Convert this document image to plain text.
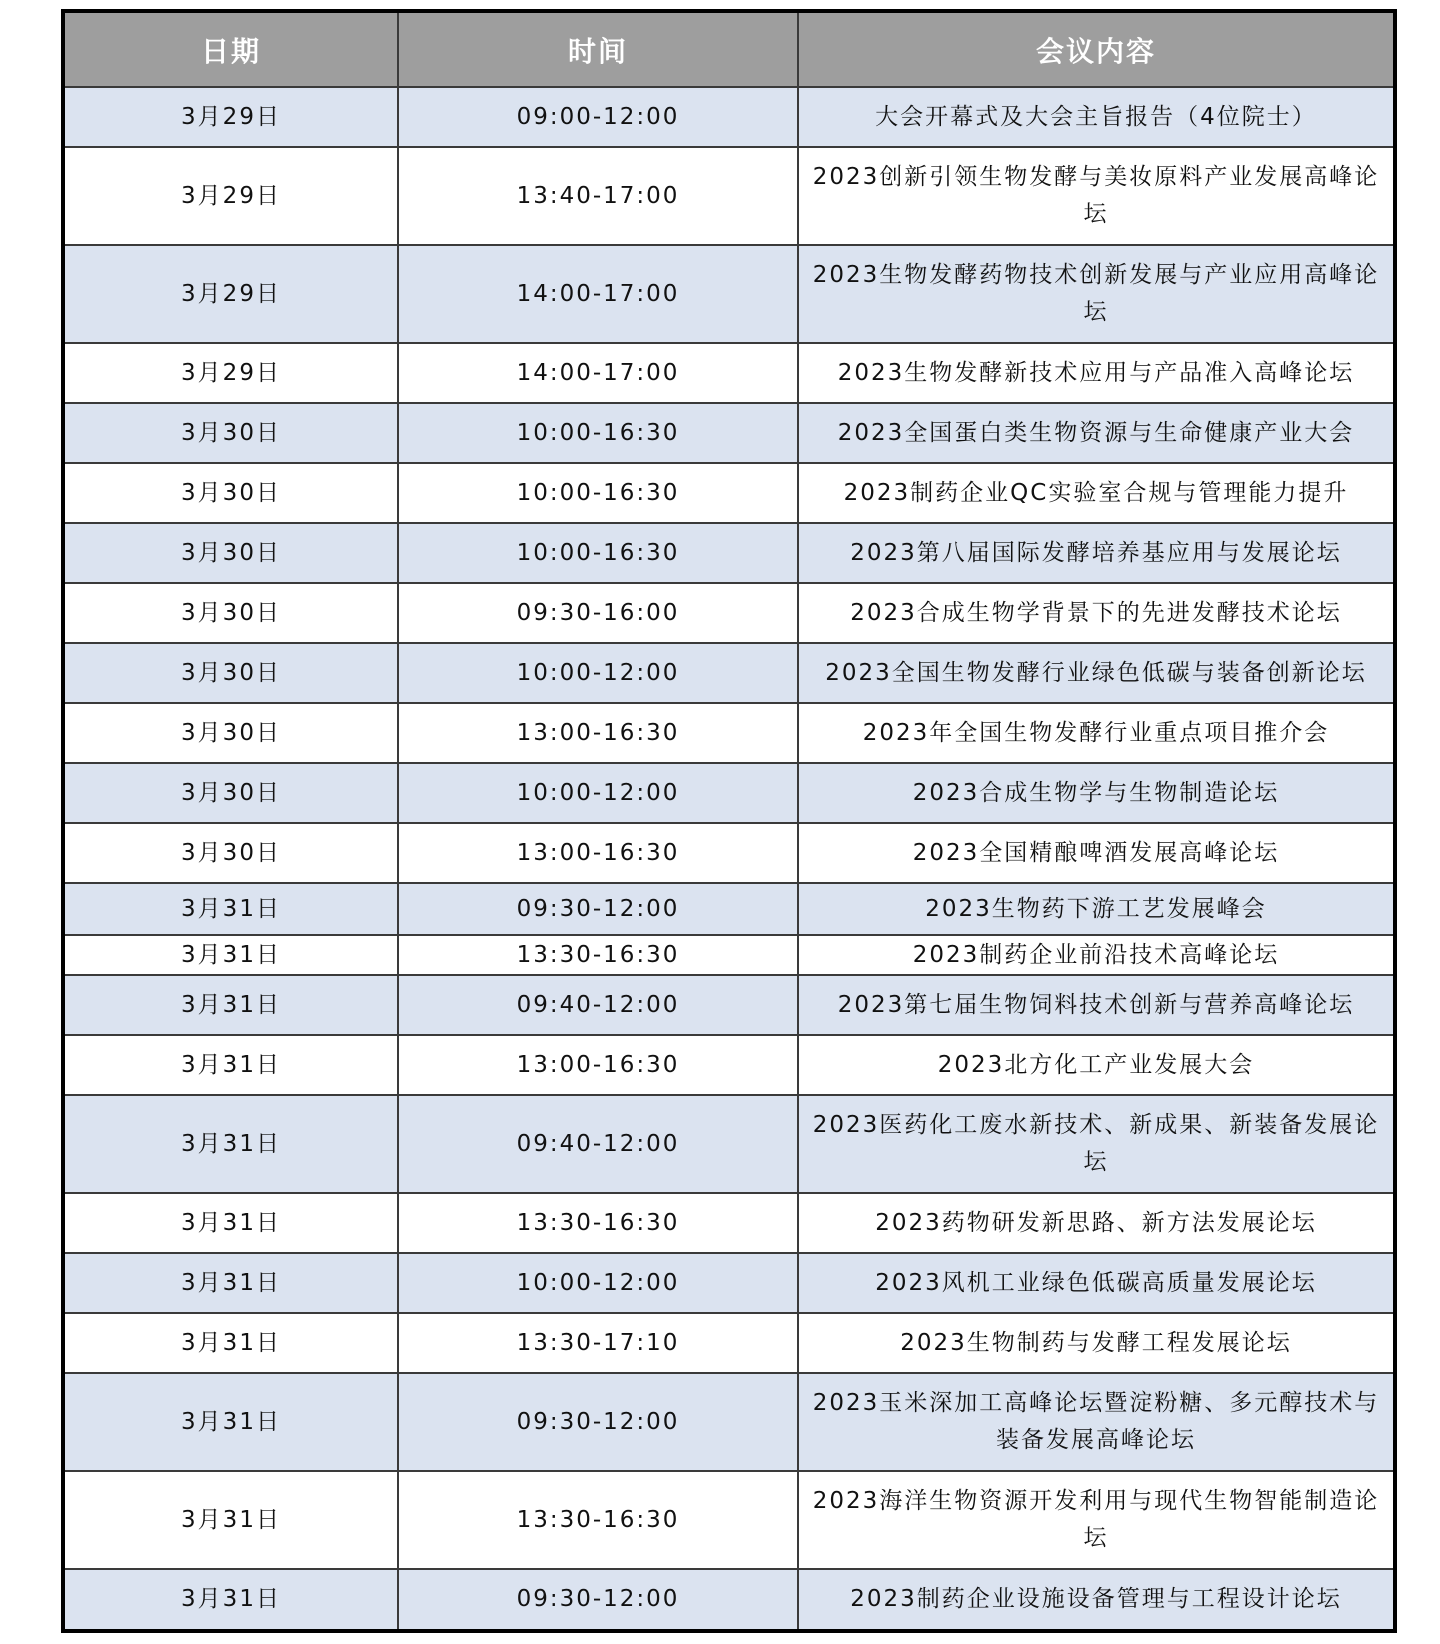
日期	时间	会议内容
3月29日	09:00-12:00	大会开幕式及大会主旨报告（4位院士）
3月29日	13:40-17:00	2023创新引领生物发酵与美妆原料产业发展高峰论坛
3月29日	14:00-17:00	2023生物发酵药物技术创新发展与产业应用高峰论坛
3月29日	14:00-17:00	2023生物发酵新技术应用与产品准入高峰论坛
3月30日	10:00-16:30	2023全国蛋白类生物资源与生命健康产业大会
3月30日	10:00-16:30	2023制药企业QC实验室合规与管理能力提升
3月30日	10:00-16:30	2023第八届国际发酵培养基应用与发展论坛
3月30日	09:30-16:00	2023合成生物学背景下的先进发酵技术论坛
3月30日	10:00-12:00	2023全国生物发酵行业绿色低碳与装备创新论坛
3月30日	13:00-16:30	2023年全国生物发酵行业重点项目推介会
3月30日	10:00-12:00	2023合成生物学与生物制造论坛
3月30日	13:00-16:30	2023全国精酿啤酒发展高峰论坛
3月31日	09:30-12:00	2023生物药下游工艺发展峰会
3月31日	13:30-16:30	2023制药企业前沿技术高峰论坛
3月31日	09:40-12:00	2023第七届生物饲料技术创新与营养高峰论坛
3月31日	13:00-16:30	2023北方化工产业发展大会
3月31日	09:40-12:00	2023医药化工废水新技术、新成果、新装备发展论坛
3月31日	13:30-16:30	2023药物研发新思路、新方法发展论坛
3月31日	10:00-12:00	2023风机工业绿色低碳高质量发展论坛
3月31日	13:30-17:10	2023生物制药与发酵工程发展论坛
3月31日	09:30-12:00	2023玉米深加工高峰论坛暨淀粉糖、多元醇技术与装备发展高峰论坛
3月31日	13:30-16:30	2023海洋生物资源开发利用与现代生物智能制造论坛
3月31日	09:30-12:00	2023制药企业设施设备管理与工程设计论坛
